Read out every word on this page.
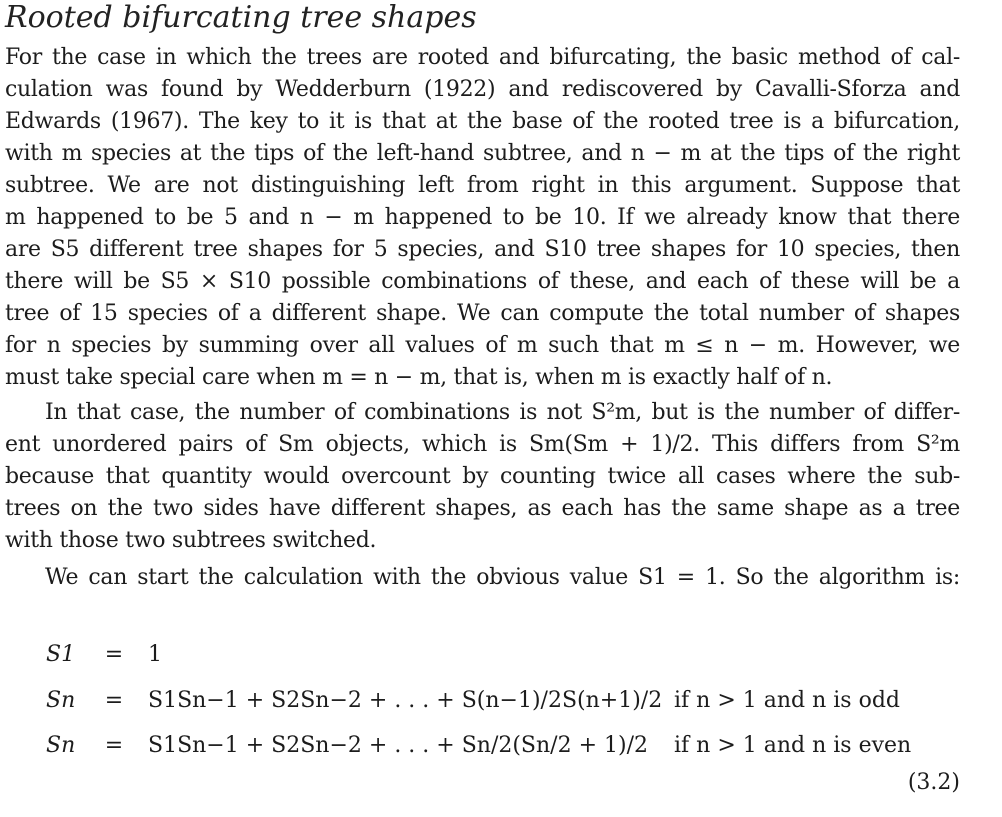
Rooted bifurcating tree shapes
For the case in which the trees are rooted and bifurcating, the basic method of cal-
culation was found by Wedderburn (1922) and rediscovered by Cavalli-Sforza and
Edwards (1967). The key to it is that at the base of the rooted tree is a bifurcation,
with m species at the tips of the left-hand subtree, and n − m at the tips of the right
subtree. We are not distinguishing left from right in this argument. Suppose that
m happened to be 5 and n − m happened to be 10. If we already know that there
are S5 different tree shapes for 5 species, and S10 tree shapes for 10 species, then
there will be S5 × S10 possible combinations of these, and each of these will be a
tree of 15 species of a different shape. We can compute the total number of shapes
for n species by summing over all values of m such that m ≤ n − m. However, we
must take special care when m = n − m, that is, when m is exactly half of n.
In that case, the number of combinations is not S²m, but is the number of differ-
ent unordered pairs of Sm objects, which is Sm(Sm + 1)/2. This differs from S²m
because that quantity would overcount by counting twice all cases where the sub-
trees on the two sides have different shapes, as each has the same shape as a tree
with those two subtrees switched.
We can start the calculation with the obvious value S1 = 1. So the algorithm is:
S1	= 1
Sn	= S1Sn−1 + S2Sn−2 + . . . + S(n−1)/2S(n+1)/2 if n > 1 and n is odd
Sn	= S1Sn−1 + S2Sn−2 + . . . + Sn/2(Sn/2 + 1)/2 if n > 1 and n is even
(3.2)
